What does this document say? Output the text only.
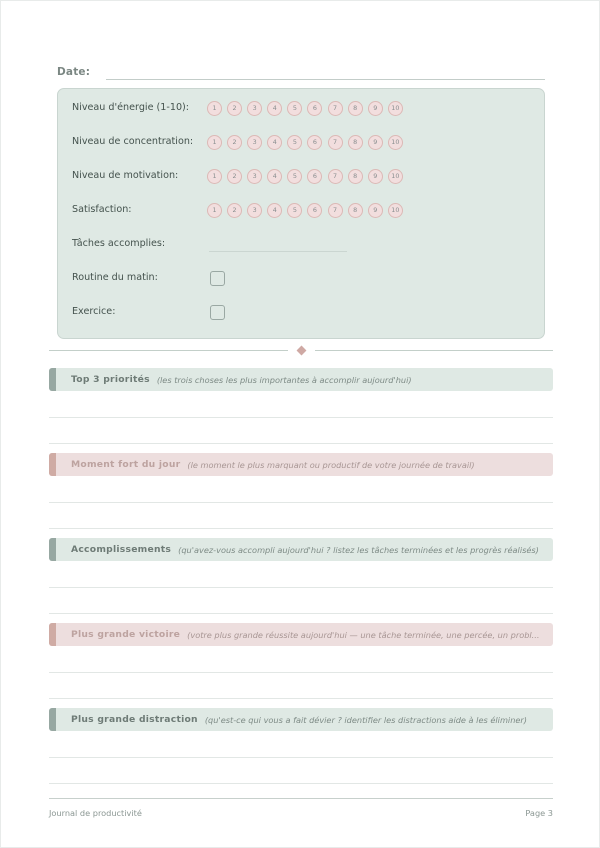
Date:
Niveau d'énergie (1-10):	1	2	3	4	5	6	7	8	9	10
Niveau de concentration:	1	2	3	4	5	6	7	8	9	10
Niveau de motivation:	1	2	3	4	5	6	7	8	9	10
Satisfaction:	1	2	3	4	5	6	7	8	9	10
Tâches accomplies:
Routine du matin:
Exercice:
Top 3 priorités (les trois choses les plus importantes à accomplir aujourd'hui)
Moment fort du jour (le moment le plus marquant ou productif de votre journée de travail)
Accomplissements (qu'avez-vous accompli aujourd'hui ? listez les tâches terminées et les progrès réalisés)
Plus grande victoire (votre plus grande réussite aujourd'hui — une tâche terminée, une percée, un probl...
Plus grande distraction (qu'est-ce qui vous a fait dévier ? identifier les distractions aide à les éliminer)
Journal de productivité	Page 3
